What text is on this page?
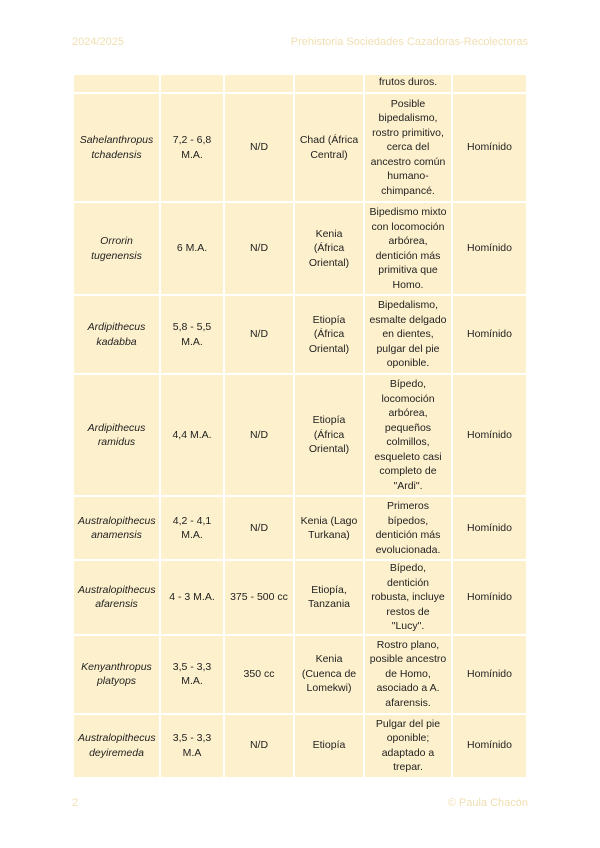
2024/2025	Prehistoria Sociedades Cazadoras-Recolectoras
				frutos duros.	
Sahelanthropus tchadensis	7,2 - 6,8 M.A.	N/D	Chad (África Central)	Posible bipedalismo, rostro primitivo, cerca del ancestro común humano-chimpancé.	Homínido
Orrorin tugenensis	6 M.A.	N/D	Kenia (África Oriental)	Bipedismo mixto con locomoción arbórea, dentición más primitiva que Homo.	Homínido
Ardipithecus kadabba	5,8 - 5,5 M.A.	N/D	Etiopía (África Oriental)	Bipedalismo, esmalte delgado en dientes, pulgar del pie oponible.	Homínido
Ardipithecus ramidus	4,4 M.A.	N/D	Etiopía (África Oriental)	Bípedo, locomoción arbórea, pequeños colmillos, esqueleto casi completo de "Ardi".	Homínido
Australopithecus anamensis	4,2 - 4,1 M.A.	N/D	Kenia (Lago Turkana)	Primeros bípedos, dentición más evolucionada.	Homínido
Australopithecus afarensis	4 - 3 M.A.	375 - 500 cc	Etiopía, Tanzania	Bípedo, dentición robusta, incluye restos de "Lucy".	Homínido
Kenyanthropus platyops	3,5 - 3,3 M.A.	350 cc	Kenia (Cuenca de Lomekwi)	Rostro plano, posible ancestro de Homo, asociado a A. afarensis.	Homínido
Australopithecus deyiremeda	3,5 - 3,3 M.A	N/D	Etiopía	Pulgar del pie oponible; adaptado a trepar.	Homínido
2	© Paula Chacón
